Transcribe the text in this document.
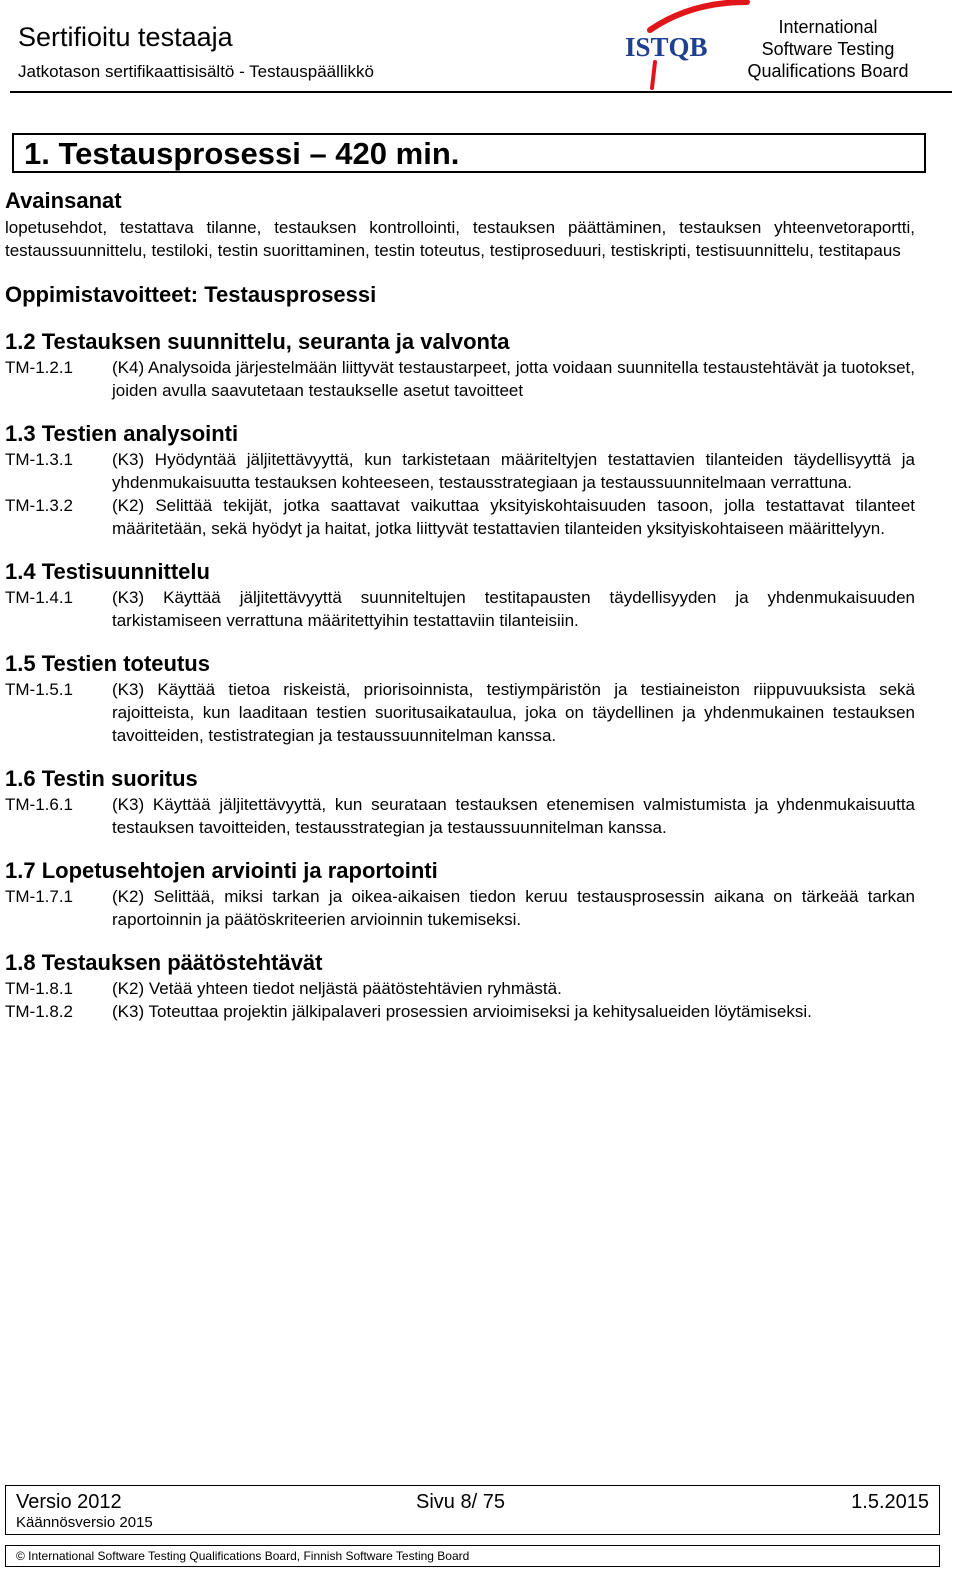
Sertifioitu testaaja
Jatkotason sertifikaattisisältö - Testauspäällikkö
ISTQB
International
Software Testing
Qualifications Board
1. Testausprosessi – 420 min.
Avainsanat

lopetusehdot, testattava tilanne, testauksen kontrollointi, testauksen päättäminen, testauksen yhteenvetoraportti, testaussuunnittelu, testiloki, testin suorittaminen, testin toteutus, testiproseduuri, testiskripti, testisuunnittelu, testitapaus

Oppimistavoitteet: Testausprosessi
1.2 Testauksen suunnittelu, seuranta ja valvonta
TM-1.2.1	(K4) Analysoida järjestelmään liittyvät testaustarpeet, jotta voidaan suunnitella testaustehtävät ja tuotokset, joiden avulla saavutetaan testaukselle asetut tavoitteet
1.3 Testien analysointi
TM-1.3.1	(K3) Hyödyntää jäljitettävyyttä, kun tarkistetaan määriteltyjen testattavien tilanteiden täydellisyyttä ja yhdenmukaisuutta testauksen kohteeseen, testausstrategiaan ja testaussuunnitelmaan verrattuna.
TM-1.3.2	(K2) Selittää tekijät, jotka saattavat vaikuttaa yksityiskohtaisuuden tasoon, jolla testattavat tilanteet määritetään, sekä hyödyt ja haitat, jotka liittyvät testattavien tilanteiden yksityiskohtaiseen määrittelyyn.
1.4 Testisuunnittelu
TM-1.4.1	(K3) Käyttää jäljitettävyyttä suunniteltujen testitapausten täydellisyyden ja yhdenmukaisuuden tarkistamiseen verrattuna määritettyihin testattaviin tilanteisiin.
1.5 Testien toteutus
TM-1.5.1	(K3) Käyttää tietoa riskeistä, priorisoinnista, testiympäristön ja testiaineiston riippuvuuksista sekä rajoitteista, kun laaditaan testien suoritusaikataulua, joka on täydellinen ja yhdenmukainen testauksen tavoitteiden, testistrategian ja testaussuunnitelman kanssa.
1.6 Testin suoritus
TM-1.6.1	(K3) Käyttää jäljitettävyyttä, kun seurataan testauksen etenemisen valmistumista ja yhdenmukaisuutta testauksen tavoitteiden, testausstrategian ja testaussuunnitelman kanssa.
1.7 Lopetusehtojen arviointi ja raportointi
TM-1.7.1	(K2) Selittää, miksi tarkan ja oikea-aikaisen tiedon keruu testausprosessin aikana on tärkeää tarkan raportoinnin ja päätöskriteerien arvioinnin tukemiseksi.
1.8 Testauksen päätöstehtävät
TM-1.8.1	(K2) Vetää yhteen tiedot neljästä päätöstehtävien ryhmästä.
TM-1.8.2	(K3) Toteuttaa projektin jälkipalaveri prosessien arvioimiseksi ja kehitysalueiden löytämiseksi.
Versio 2012
Käännösversio 2015
Sivu 8/ 75	1.5.2015
© International Software Testing Qualifications Board, Finnish Software Testing Board
